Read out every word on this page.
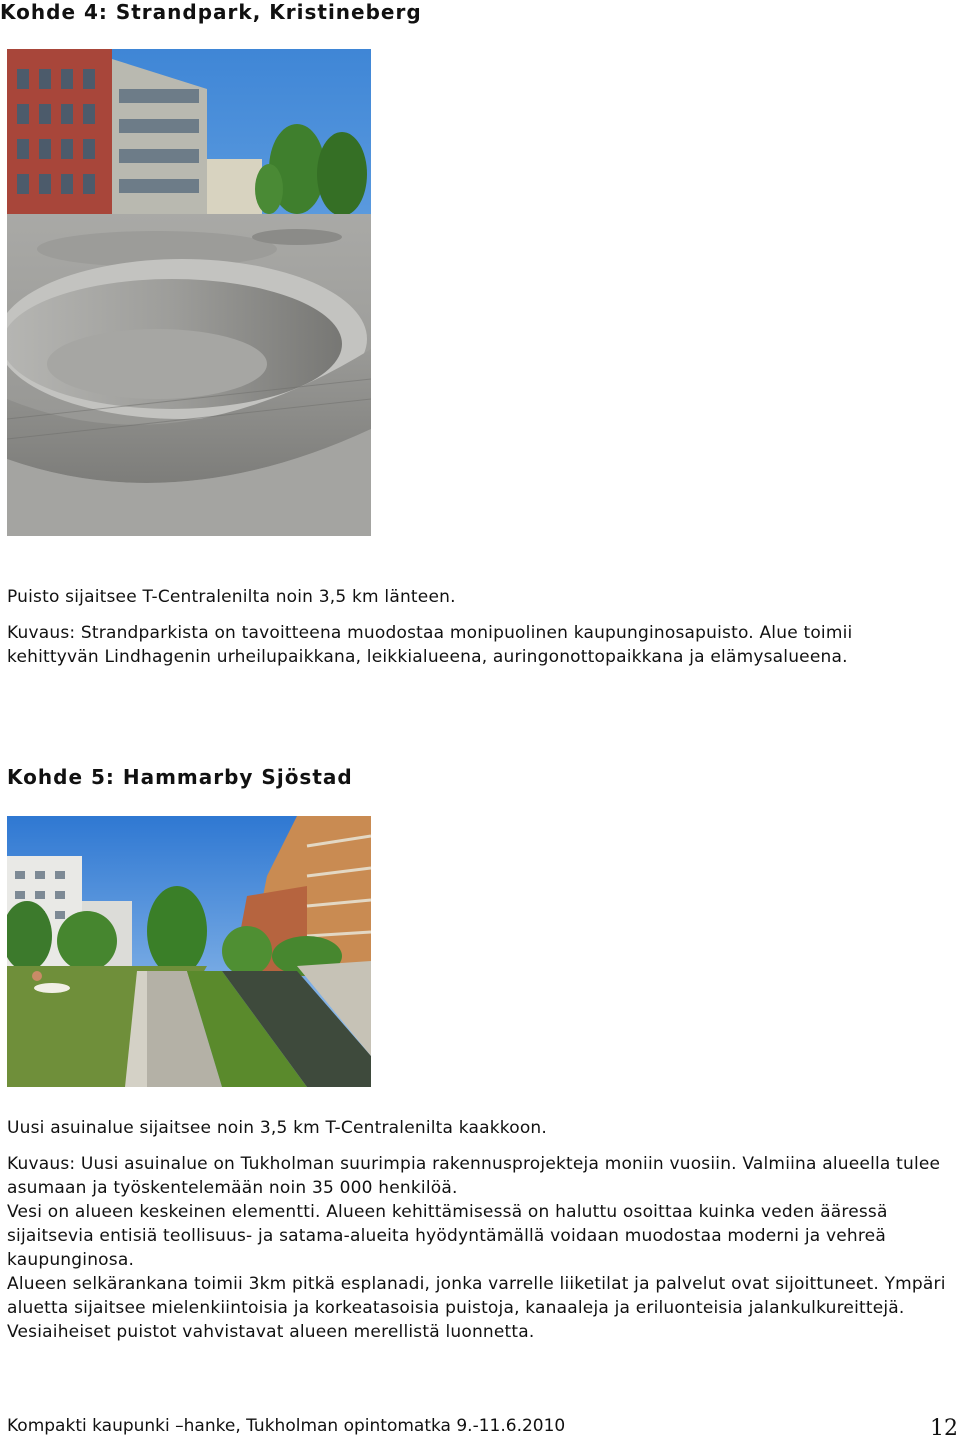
Kohde 4: Strandpark, Kristineberg

Puisto sijaitsee T-Centralenilta noin 3,5 km länteen.

Kuvaus: Strandparkista on tavoitteena muodostaa monipuolinen kaupunginosapuisto. Alue toimii kehittyvän Lindhagenin urheilupaikkana, leikkialueena, auringonottopaikkana ja elämysalueena.

Kohde 5: Hammarby Sjöstad

Uusi asuinalue sijaitsee noin 3,5 km T-Centralenilta kaakkoon.

Kuvaus: Uusi asuinalue on Tukholman suurimpia rakennusprojekteja moniin vuosiin. Valmiina alueella tulee asumaan ja työskentelemään noin 35 000 henkilöä.

Vesi on alueen keskeinen elementti. Alueen kehittämisessä on haluttu osoittaa kuinka veden ääressä sijaitsevia entisiä teollisuus- ja satama-alueita hyödyntämällä voidaan muodostaa moderni ja vehreä kaupunginosa.

Alueen selkärankana toimii 3km pitkä esplanadi, jonka varrelle liiketilat ja palvelut ovat sijoittuneet. Ympäri aluetta sijaitsee mielenkiintoisia ja korkeatasoisia puistoja, kanaaleja ja eriluonteisia jalankulkureittejä. Vesiaiheiset puistot vahvistavat alueen merellistä luonnetta.

Kompakti kaupunki –hanke, Tukholman opintomatka 9.-11.6.2010	12
